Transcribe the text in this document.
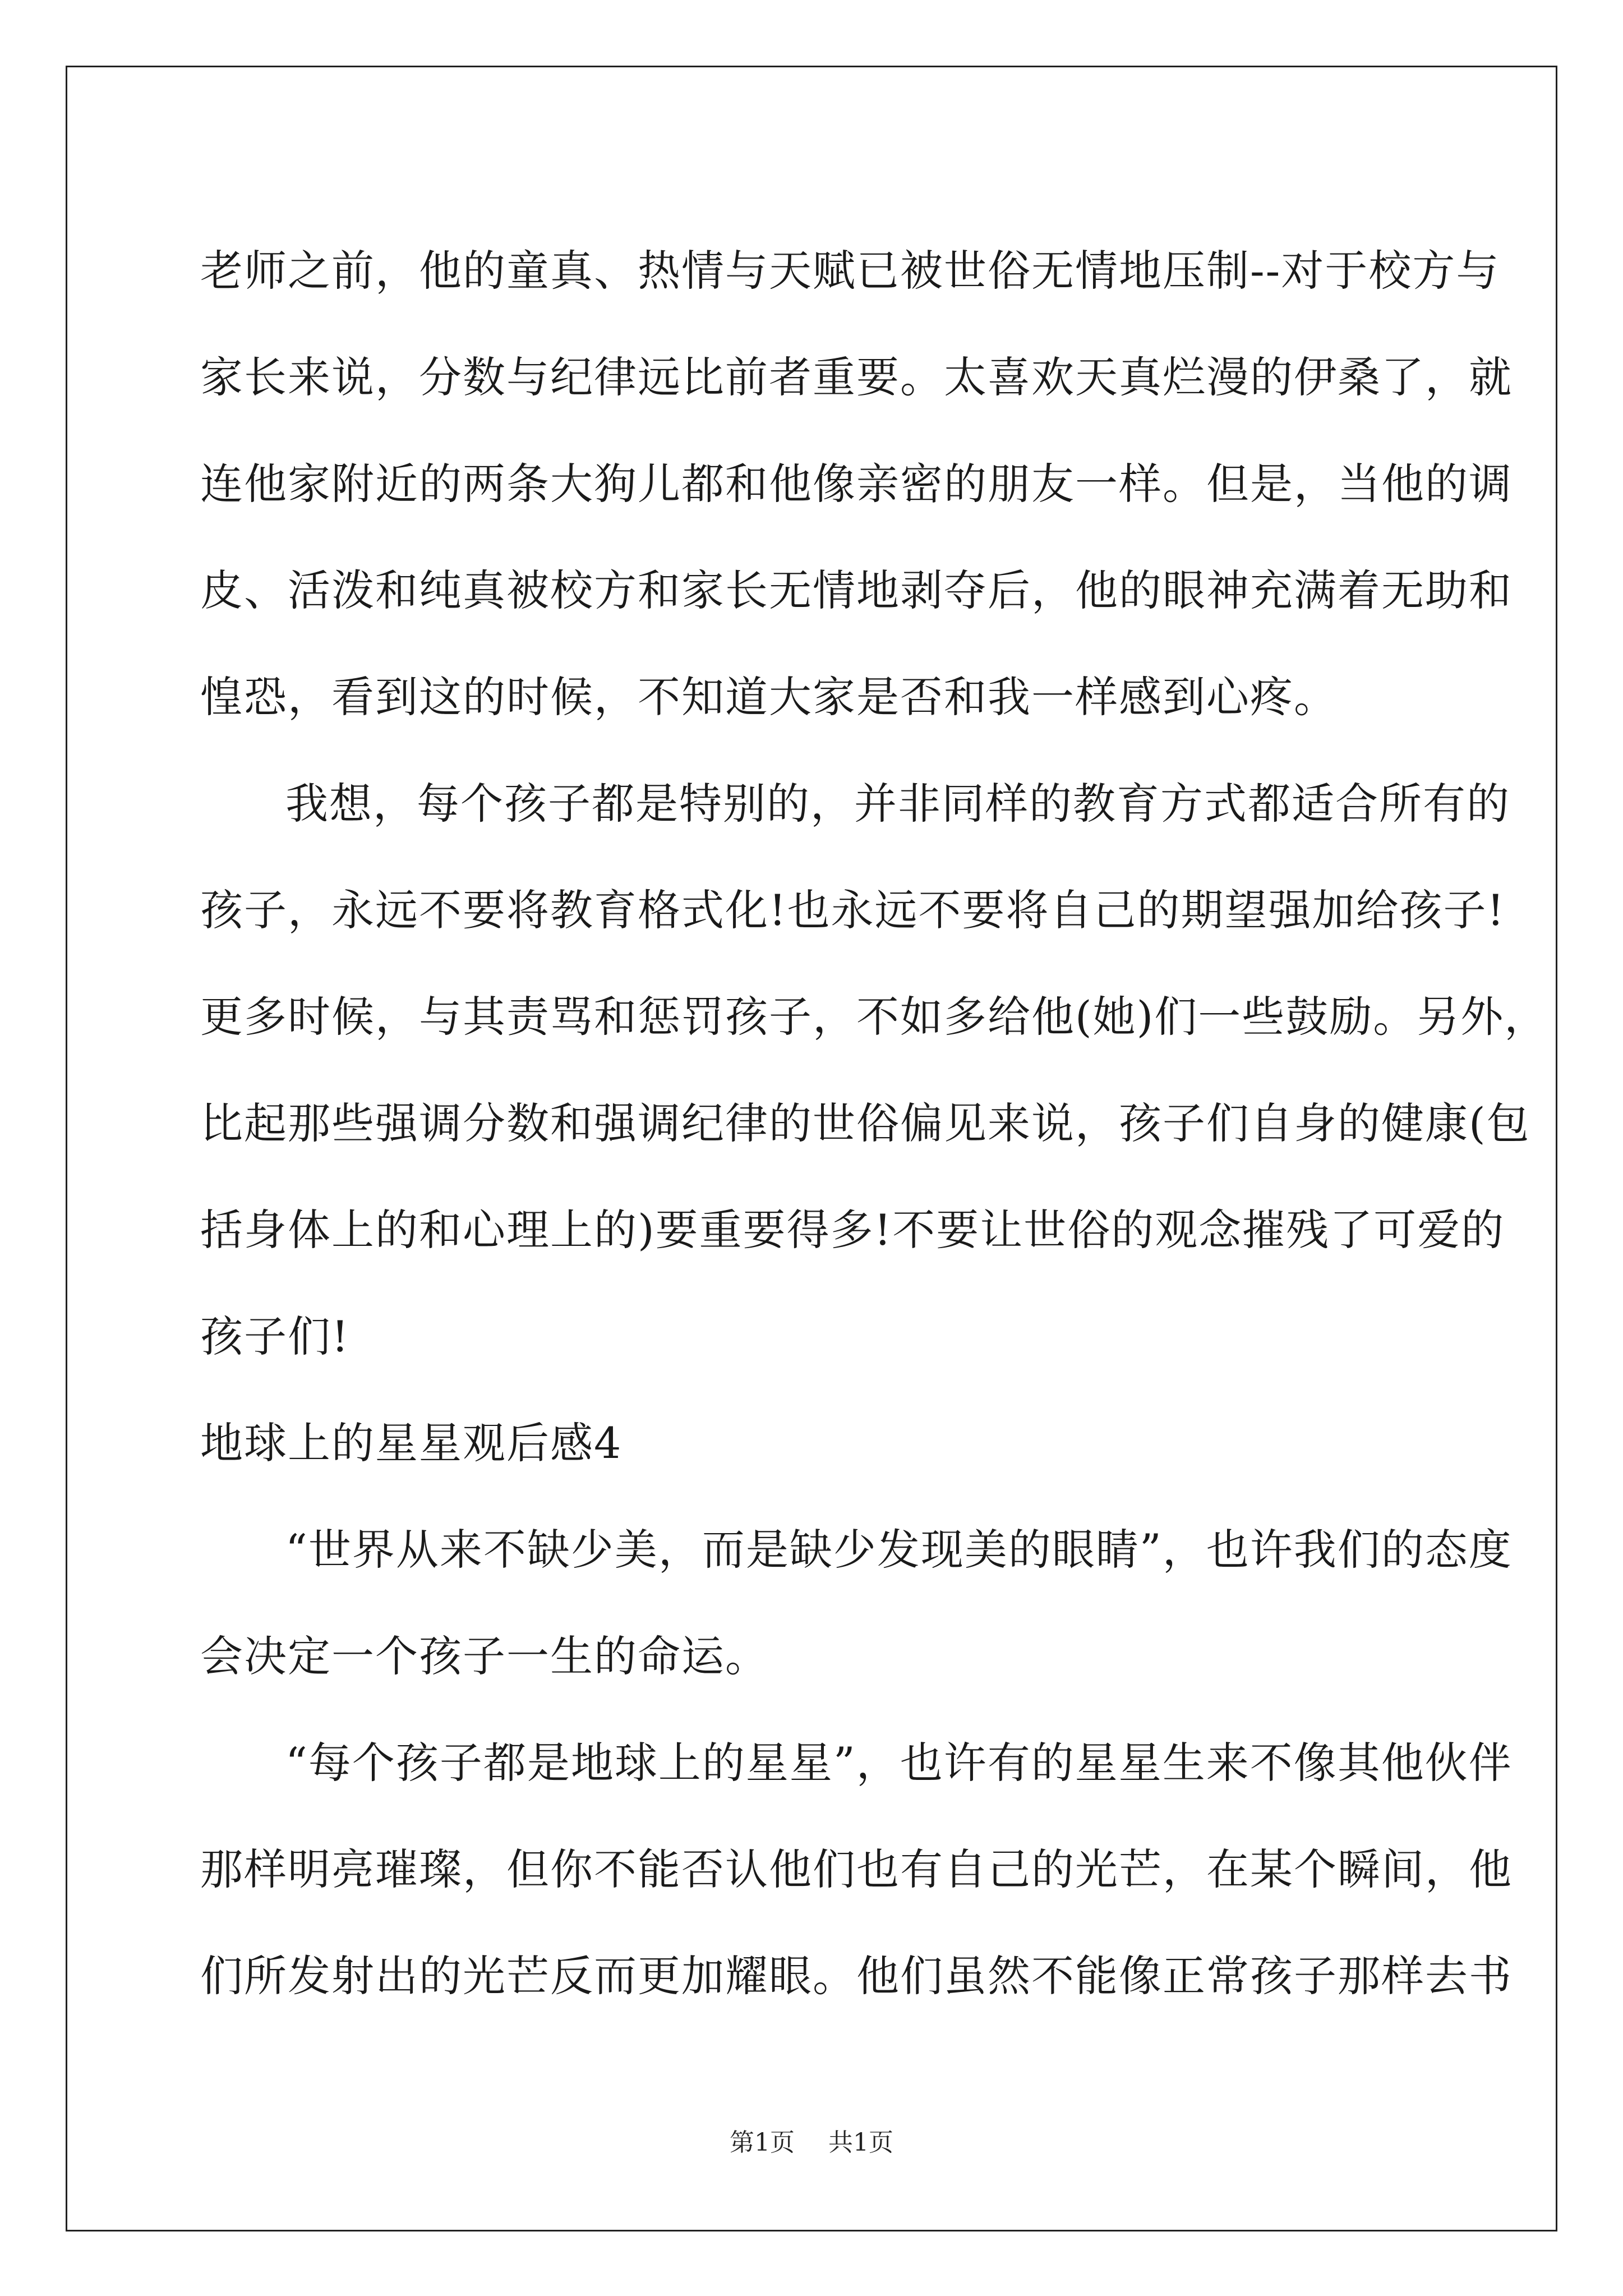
老师之前，他的童真、热情与天赋已被世俗无情地压制--对于校方与
家长来说，分数与纪律远比前者重要。太喜欢天真烂漫的伊桑了，就
连他家附近的两条大狗儿都和他像亲密的朋友一样。但是，当他的调
皮、活泼和纯真被校方和家长无情地剥夺后，他的眼神充满着无助和
惶恐，看到这的时候，不知道大家是否和我一样感到心疼。
我想，每个孩子都是特别的，并非同样的教育方式都适合所有的
孩子，永远不要将教育格式化!也永远不要将自己的期望强加给孩子!
更多时候，与其责骂和惩罚孩子，不如多给他(她)们一些鼓励。另外，
比起那些强调分数和强调纪律的世俗偏见来说，孩子们自身的健康(包
括身体上的和心理上的)要重要得多!不要让世俗的观念摧残了可爱的
孩子们!
地球上的星星观后感4
“世界从来不缺少美，而是缺少发现美的眼睛”，也许我们的态度
会决定一个孩子一生的命运。
“每个孩子都是地球上的星星”，也许有的星星生来不像其他伙伴
那样明亮璀璨，但你不能否认他们也有自己的光芒，在某个瞬间，他
们所发射出的光芒反而更加耀眼。他们虽然不能像正常孩子那样去书
第1页 共1页
